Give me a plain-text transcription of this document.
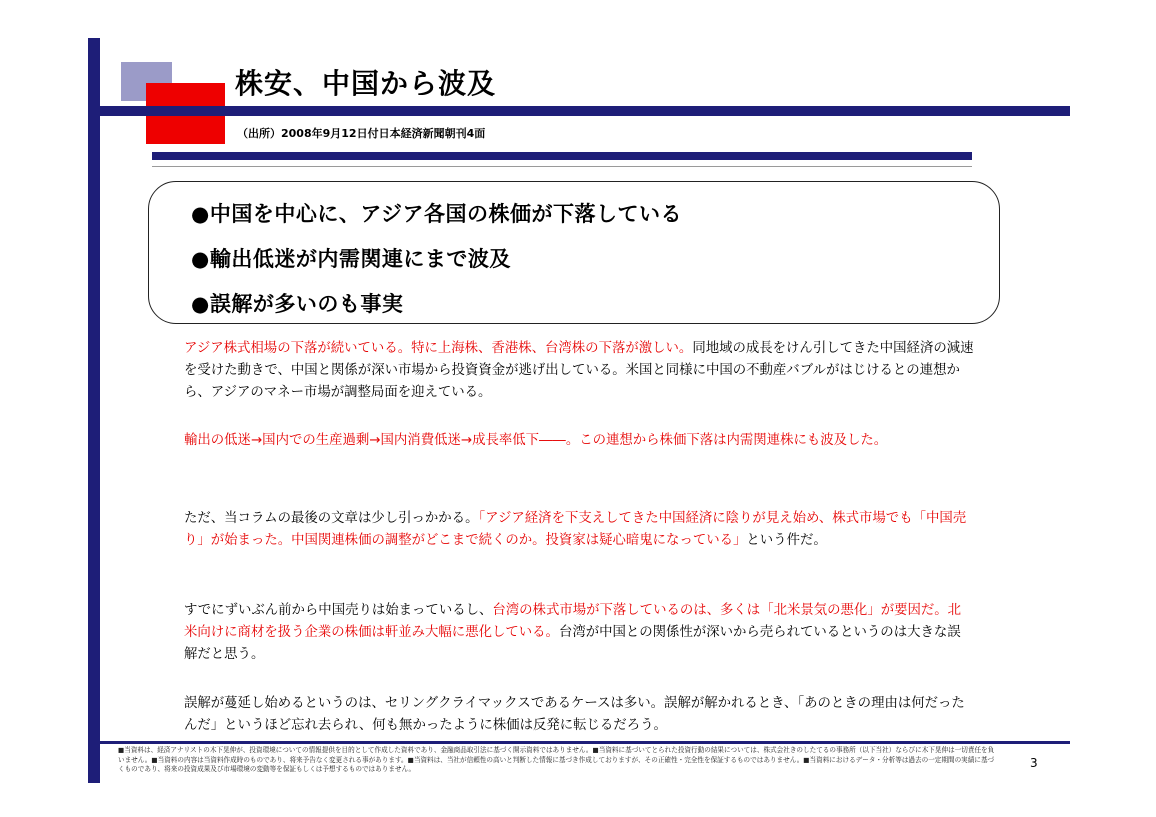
株安、中国から波及
（出所）2008年9月12日付日本経済新聞朝刊4面
●中国を中心に、アジア各国の株価が下落している
●輸出低迷が内需関連にまで波及
●誤解が多いのも事実

アジア株式相場の下落が続いている。特に上海株、香港株、台湾株の下落が激しい。同地域の成長をけん引してきた中国経済の減速を受けた動きで、中国と関係が深い市場から投資資金が逃げ出している。米国と同様に中国の不動産バブルがはじけるとの連想から、アジアのマネー市場が調整局面を迎えている。

輸出の低迷→国内での生産過剰→国内消費低迷→成長率低下――。この連想から株価下落は内需関連株にも波及した。

ただ、当コラムの最後の文章は少し引っかかる。「アジア経済を下支えしてきた中国経済に陰りが見え始め、株式市場でも「中国売り」が始まった。中国関連株価の調整がどこまで続くのか。投資家は疑心暗鬼になっている」という件だ。

すでにずいぶん前から中国売りは始まっているし、台湾の株式市場が下落しているのは、多くは「北米景気の悪化」が要因だ。北米向けに商材を扱う企業の株価は軒並み大幅に悪化している。台湾が中国との関係性が深いから売られているというのは大きな誤解だと思う。

誤解が蔓延し始めるというのは、セリングクライマックスであるケースは多い。誤解が解かれるとき、「あのときの理由は何だったんだ」というほど忘れ去られ、何も無かったように株価は反発に転じるだろう。

■当資料は、経済アナリストの木下晃伸が、投資環境についての情報提供を目的として作成した資料であり、金融商品取引法に基づく開示資料ではありません。■当資料に基づいてとられた投資行動の結果については、株式会社きのしたてるの事務所（以下当社）ならびに木下晃伸は一切責任を負いません。■当資料の内容は当資料作成時のものであり、将来予告なく変更される事があります。■当資料は、当社が信頼性の高いと判断した情報に基づき作成しておりますが、その正確性・完全性を保証するものではありません。■当資料におけるデータ・分析等は過去の一定期間の実績に基づくものであり、将来の投資成果及び市場環境の変動等を保証もしくは予想するものではありません。	3
